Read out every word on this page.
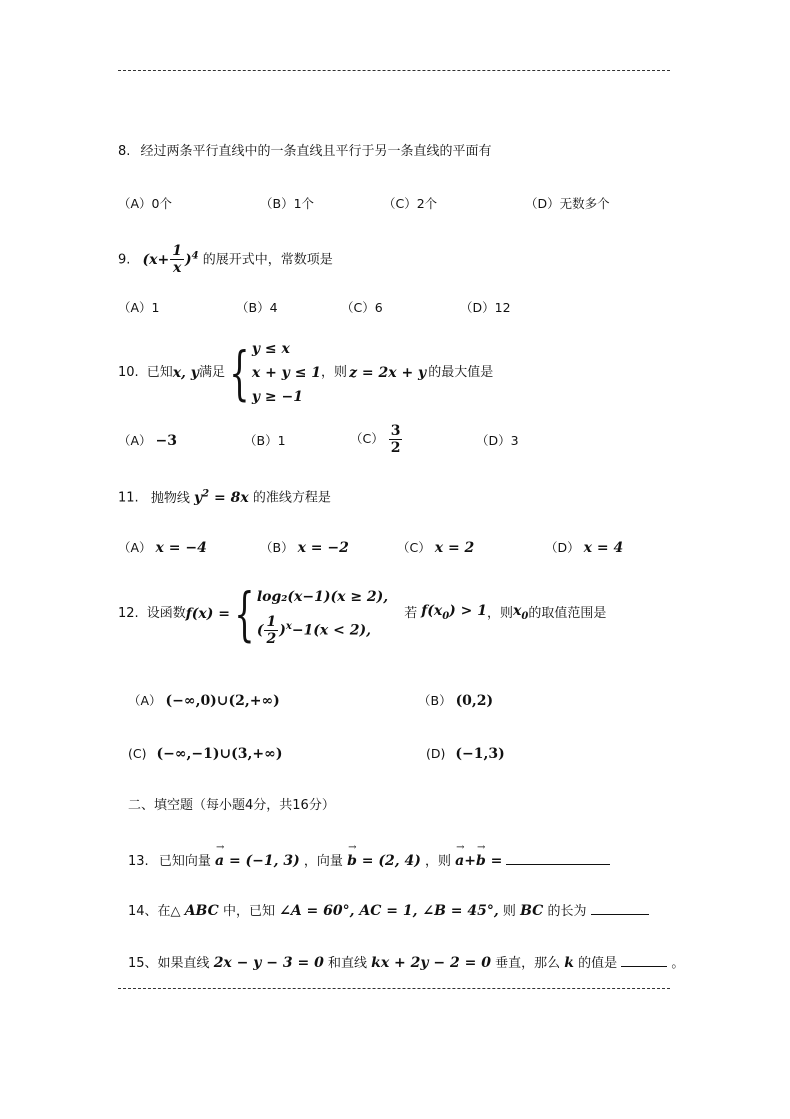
8. 经过两条平行直线中的一条直线且平行于另一条直线的平面有
（A）0个	（B）1个	（C）2个	（D）无数多个
9. $(x+ \frac{1}{x} )^4$ 的展开式中，常数项是
（A）1	（B）4	（C）6	（D）12
10. 已知 x, y 满足 { y ≤ x
x + y ≤ 1
y ≥ −1
，则 z = 2x + y 的最大值是
（A） −3	（B）1	$(C) \frac{3}{2}$	（D）3
11. 抛物线 $y^2 = 8x$ 的准线方程是
（A） x = −4	（B） x = −2	（C） x = 2	（D） x = 4
12. 设函数 f(x) = { log₂(x−1)(x ≥ 2),
( $\frac{1}{2} )^x-1(x < 2)$,
若 $f(x_0) > 1$ ，则 $x_0$ 的取值范围是
（A） (−∞,0)∪(2,+∞)	（B） (0,2)
(C) (−∞,−1)∪(3,+∞)	(D) (−1,3)
二、填空题（每小题4分，共16分）
13. 已知向量 → a = (−1, 3) ，向量 → b = (2, 4) ，则 → a+→ b =
14、在△ ABC 中，已知 ∠A = 60°, AC = 1, ∠B = 45°, 则 BC 的长为
15、如果直线 2x − y − 3 = 0 和直线 kx + 2y − 2 = 0 垂直，那么 k 的值是	。
